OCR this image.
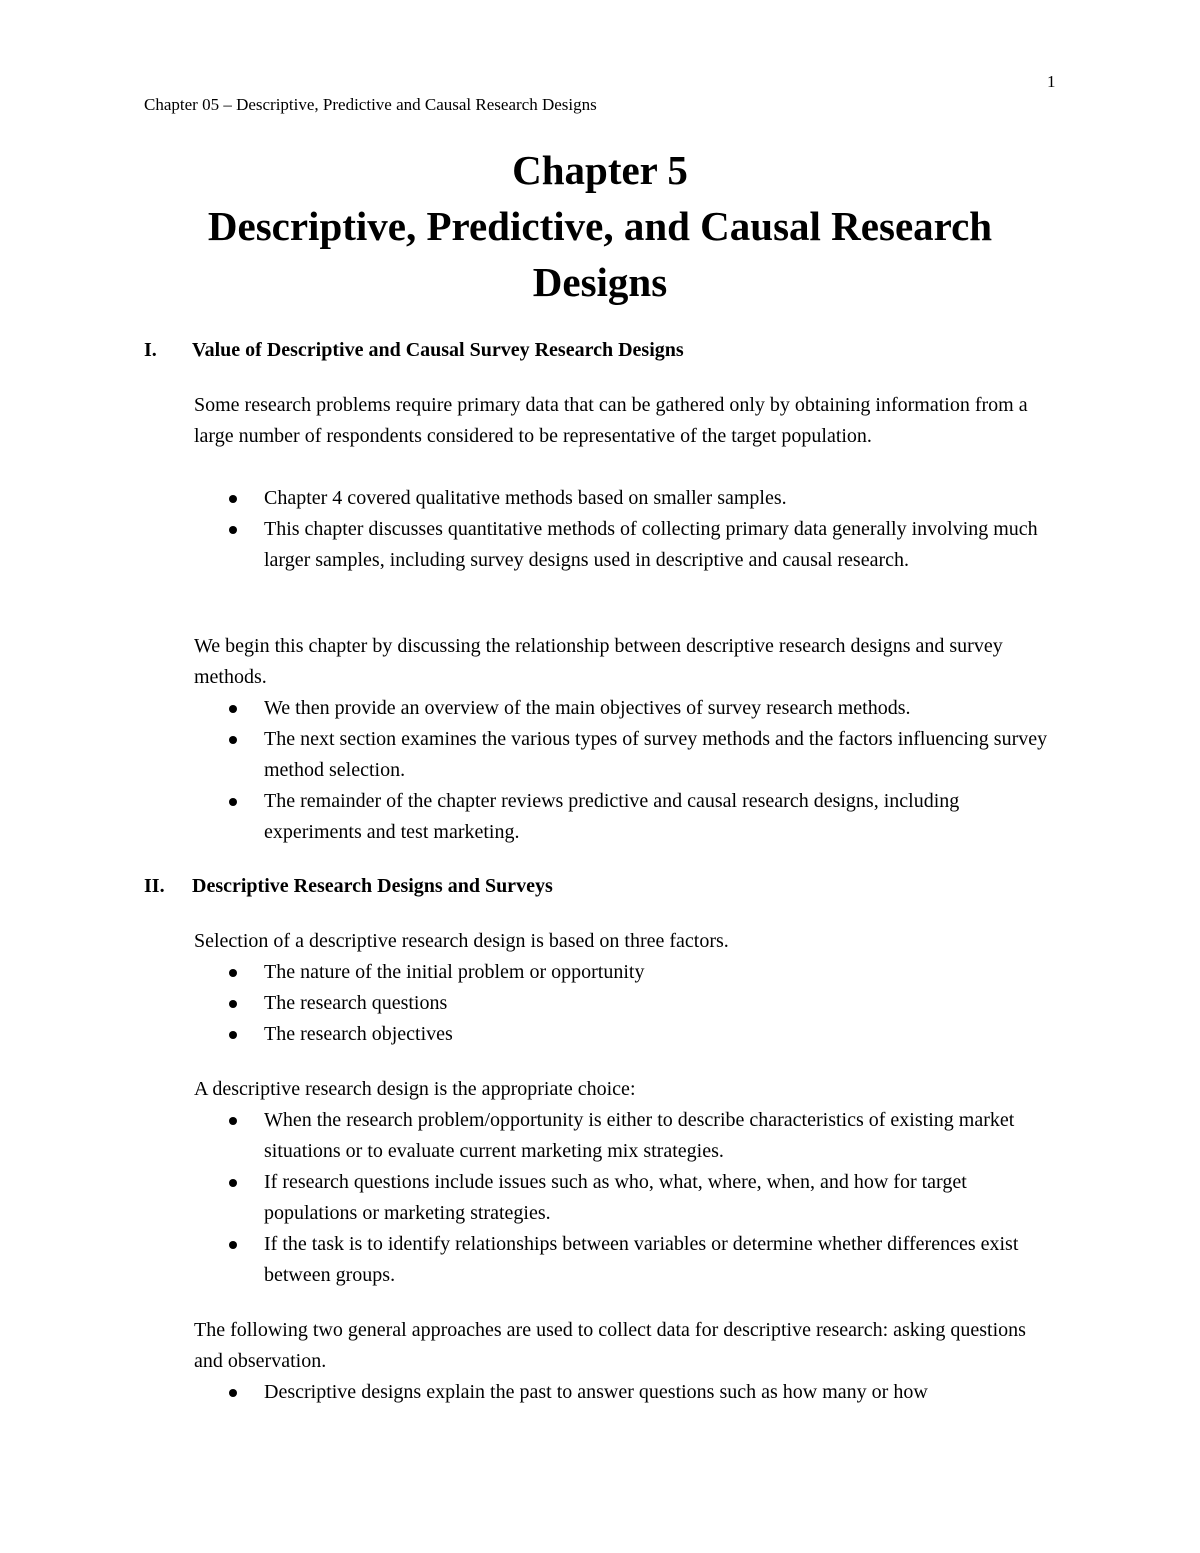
1
Chapter 05 – Descriptive, Predictive and Causal Research Designs
Chapter 5
Descriptive, Predictive, and Causal Research
Designs
I. Value of Descriptive and Causal Survey Research Designs
Some research problems require primary data that can be gathered only by obtaining information from a large number of respondents considered to be representative of the target population.
Chapter 4 covered qualitative methods based on smaller samples.
This chapter discusses quantitative methods of collecting primary data generally involving much larger samples, including survey designs used in descriptive and causal research.
We begin this chapter by discussing the relationship between descriptive research designs and survey methods.
We then provide an overview of the main objectives of survey research methods.
The next section examines the various types of survey methods and the factors influencing survey method selection.
The remainder of the chapter reviews predictive and causal research designs, including experiments and test marketing.
II. Descriptive Research Designs and Surveys
Selection of a descriptive research design is based on three factors.
The nature of the initial problem or opportunity
The research questions
The research objectives
A descriptive research design is the appropriate choice:
When the research problem/opportunity is either to describe characteristics of existing market situations or to evaluate current marketing mix strategies.
If research questions include issues such as who, what, where, when, and how for target populations or marketing strategies.
If the task is to identify relationships between variables or determine whether differences exist between groups.
The following two general approaches are used to collect data for descriptive research: asking questions and observation.
Descriptive designs explain the past to answer questions such as how many or how
